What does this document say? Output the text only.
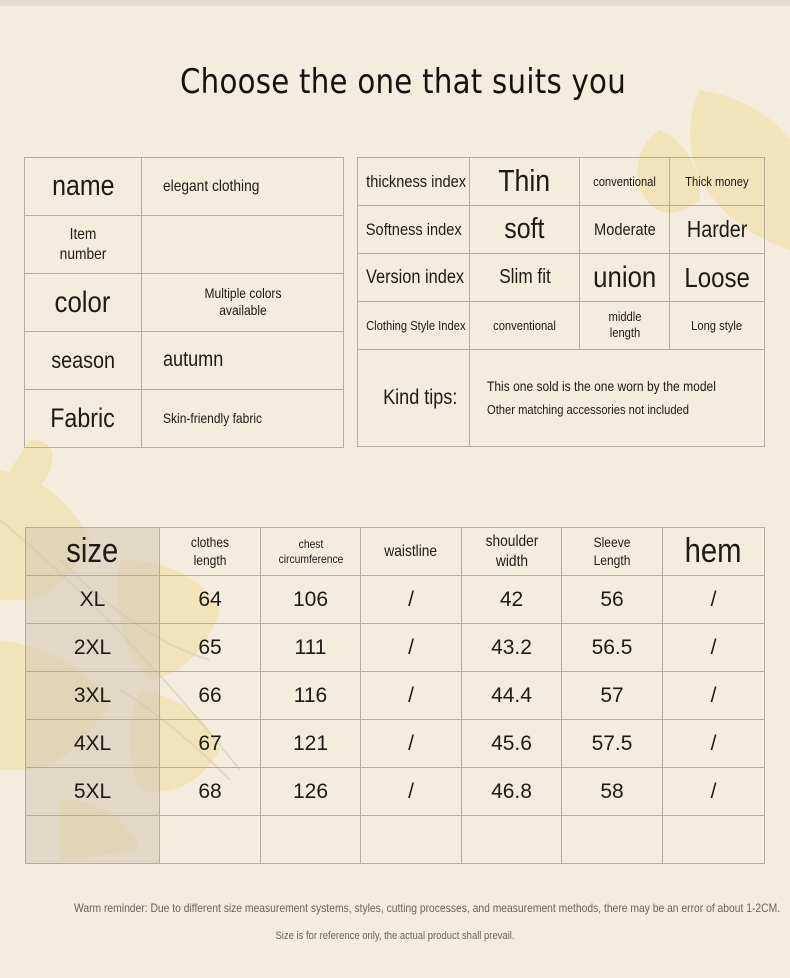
Choose the one that suits you
name	elegant clothing
Item number	
color	Multiple colors available
season	autumn
Fabric	Skin-friendly fabric
thickness index	Thin	conventional	Thick money
Softness index	soft	Moderate	Harder
Version index	Slim fit	union	Loose
Clothing Style Index	conventional	middle length	Long style
Kind tips:	This one sold is the one worn by the model
Other matching accessories not included		
size	clothes length	chest circumference	waistline	shoulder width	Sleeve Length	hem
XL	64	106	/	42	56	/
2XL	65	111	/	43.2	56.5	/
3XL	66	116	/	44.4	57	/
4XL	67	121	/	45.6	57.5	/
5XL	68	126	/	46.8	58	/

Warm reminder: Due to different size measurement systems, styles, cutting processes, and measurement methods, there may be an error of about 1-2CM.
Size is for reference only, the actual product shall prevail.
